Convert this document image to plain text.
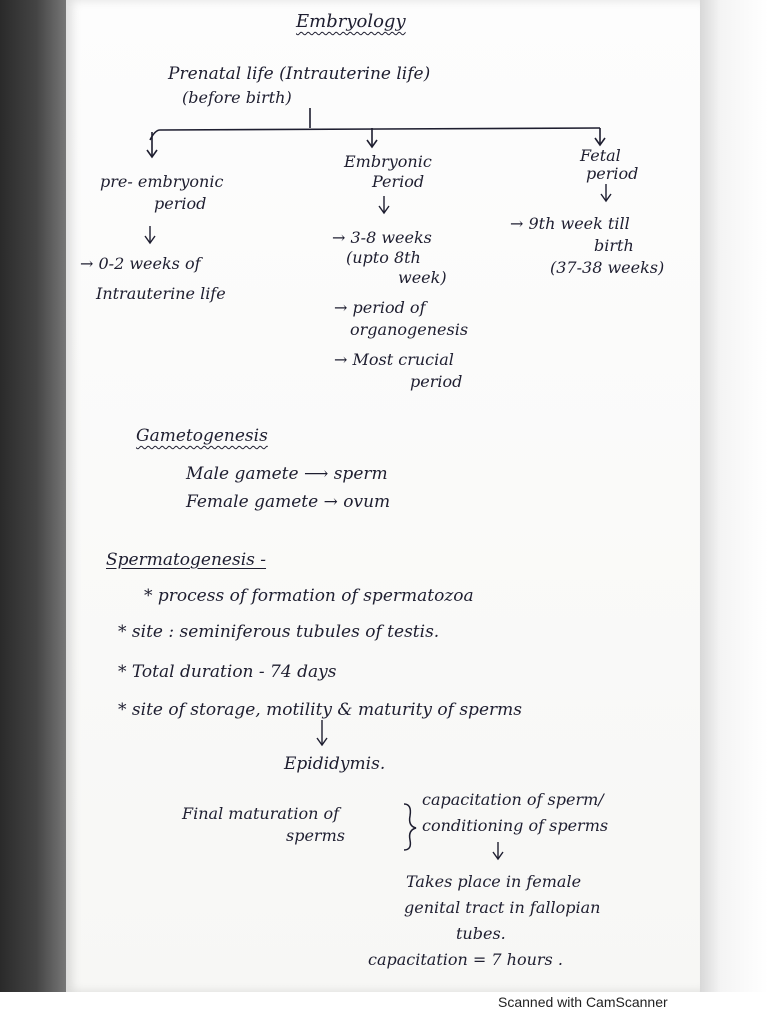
Embryology
Prenatal life (Intrauterine life)
(before birth)
pre- embryonic
period
→ 0-2 weeks of
Intrauterine life
Embryonic
Period
→ 3-8 weeks
(upto 8th
week)
→ period of
organogenesis
→ Most crucial
period
Fetal
period
→ 9th week till
birth
(37-38 weeks)
Gametogenesis
Male gamete ⟶ sperm
Female gamete → ovum
Spermatogenesis -
* process of formation of spermatozoa
* site : seminiferous tubules of testis.
* Total duration - 74 days
* site of storage, motility & maturity of sperms
Epididymis.
Final maturation of
sperms
capacitation of sperm/
conditioning of sperms
Takes place in female
genital tract in fallopian
tubes.
capacitation = 7 hours .
Scanned with CamScanner
